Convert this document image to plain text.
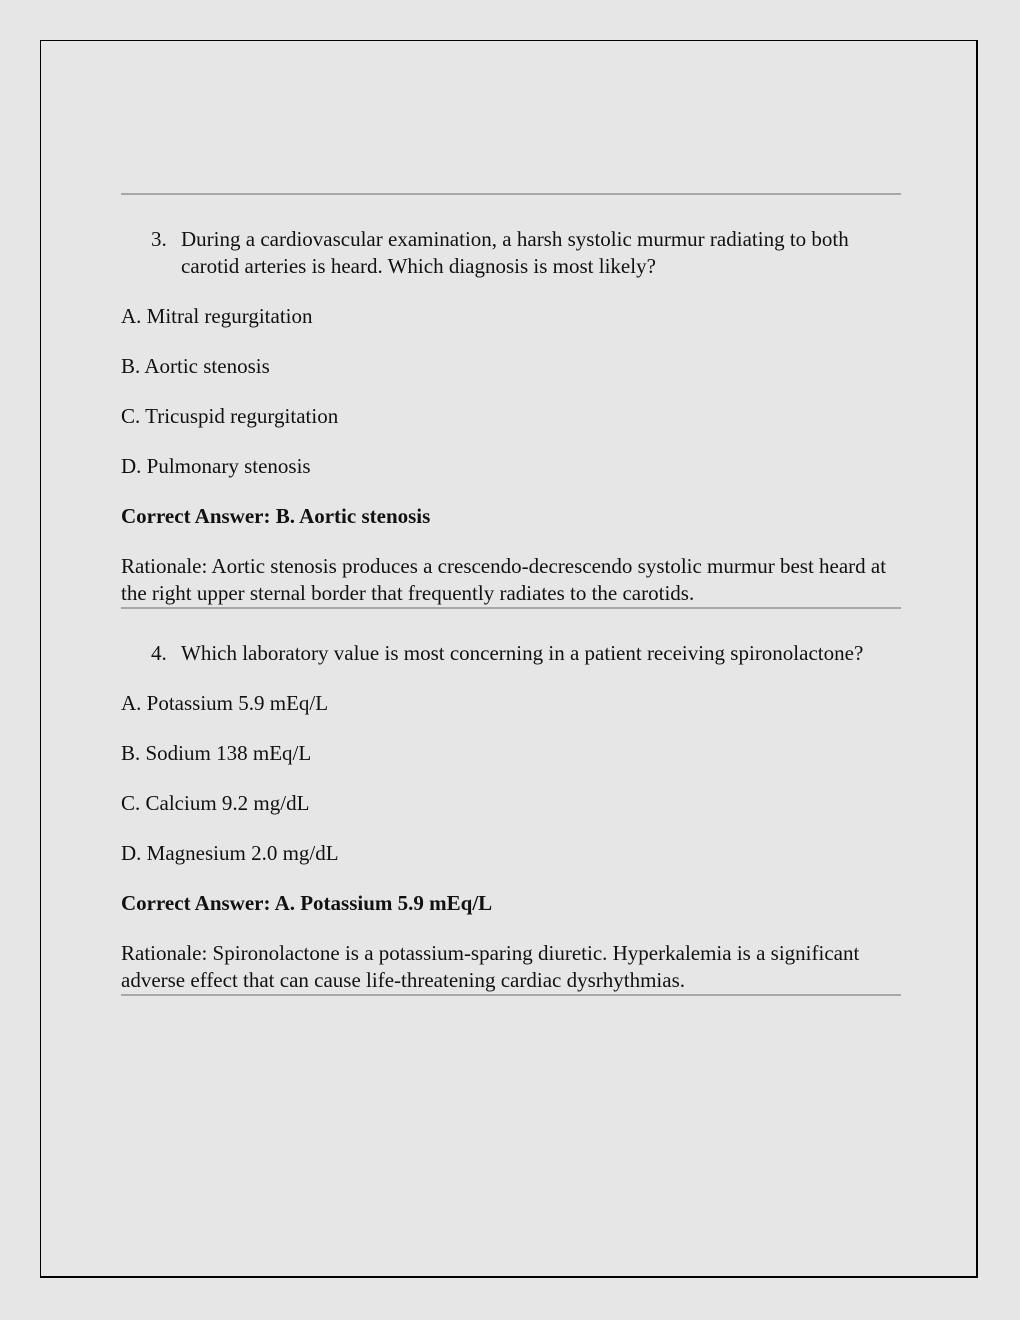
3. During a cardiovascular examination, a harsh systolic murmur radiating to both carotid arteries is heard. Which diagnosis is most likely?

A. Mitral regurgitation

B. Aortic stenosis

C. Tricuspid regurgitation

D. Pulmonary stenosis

Correct Answer: B. Aortic stenosis

Rationale: Aortic stenosis produces a crescendo-decrescendo systolic murmur best heard at the right upper sternal border that frequently radiates to the carotids.

4. Which laboratory value is most concerning in a patient receiving spironolactone?

A. Potassium 5.9 mEq/L

B. Sodium 138 mEq/L

C. Calcium 9.2 mg/dL

D. Magnesium 2.0 mg/dL

Correct Answer: A. Potassium 5.9 mEq/L

Rationale: Spironolactone is a potassium-sparing diuretic. Hyperkalemia is a significant adverse effect that can cause life-threatening cardiac dysrhythmias.
